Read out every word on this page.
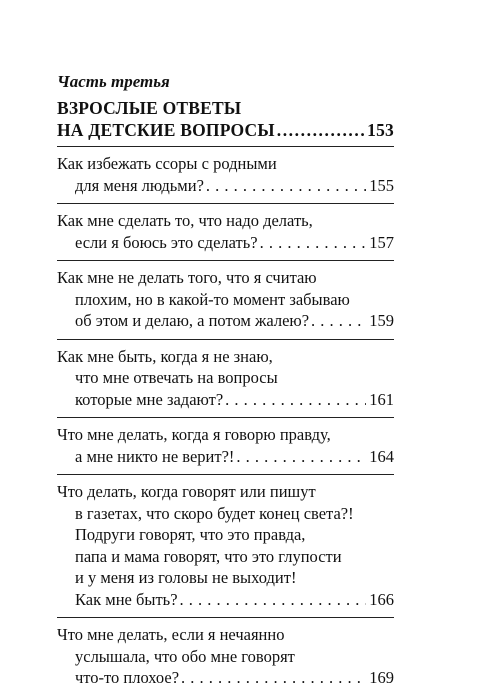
Часть третья
ВЗРОСЛЫЕ ОТВЕТЫ
НА ДЕТСКИЕ ВОПРОСЫ .....	153
Как избежать ссоры с родными
для меня людьми? . . .	155
Как мне сделать то, что надо делать,
если я боюсь это сделать? . . .	157
Как мне не делать того, что я считаю
плохим, но в какой-то момент забываю
об этом и делаю, а потом жалею? . . .	159
Как мне быть, когда я не знаю,
что мне отвечать на вопросы
которые мне задают? . . .	161
Что мне делать, когда я говорю правду,
а мне никто не верит?! . . .	164
Что делать, когда говорят или пишут
в газетах, что скоро будет конец света?!
Подруги говорят, что это правда,
папа и мама говорят, что это глупости
и у меня из головы не выходит!
Как мне быть? . . .	166
Что мне делать, если я нечаянно
услышала, что обо мне говорят
что-то плохое? . . .	169
